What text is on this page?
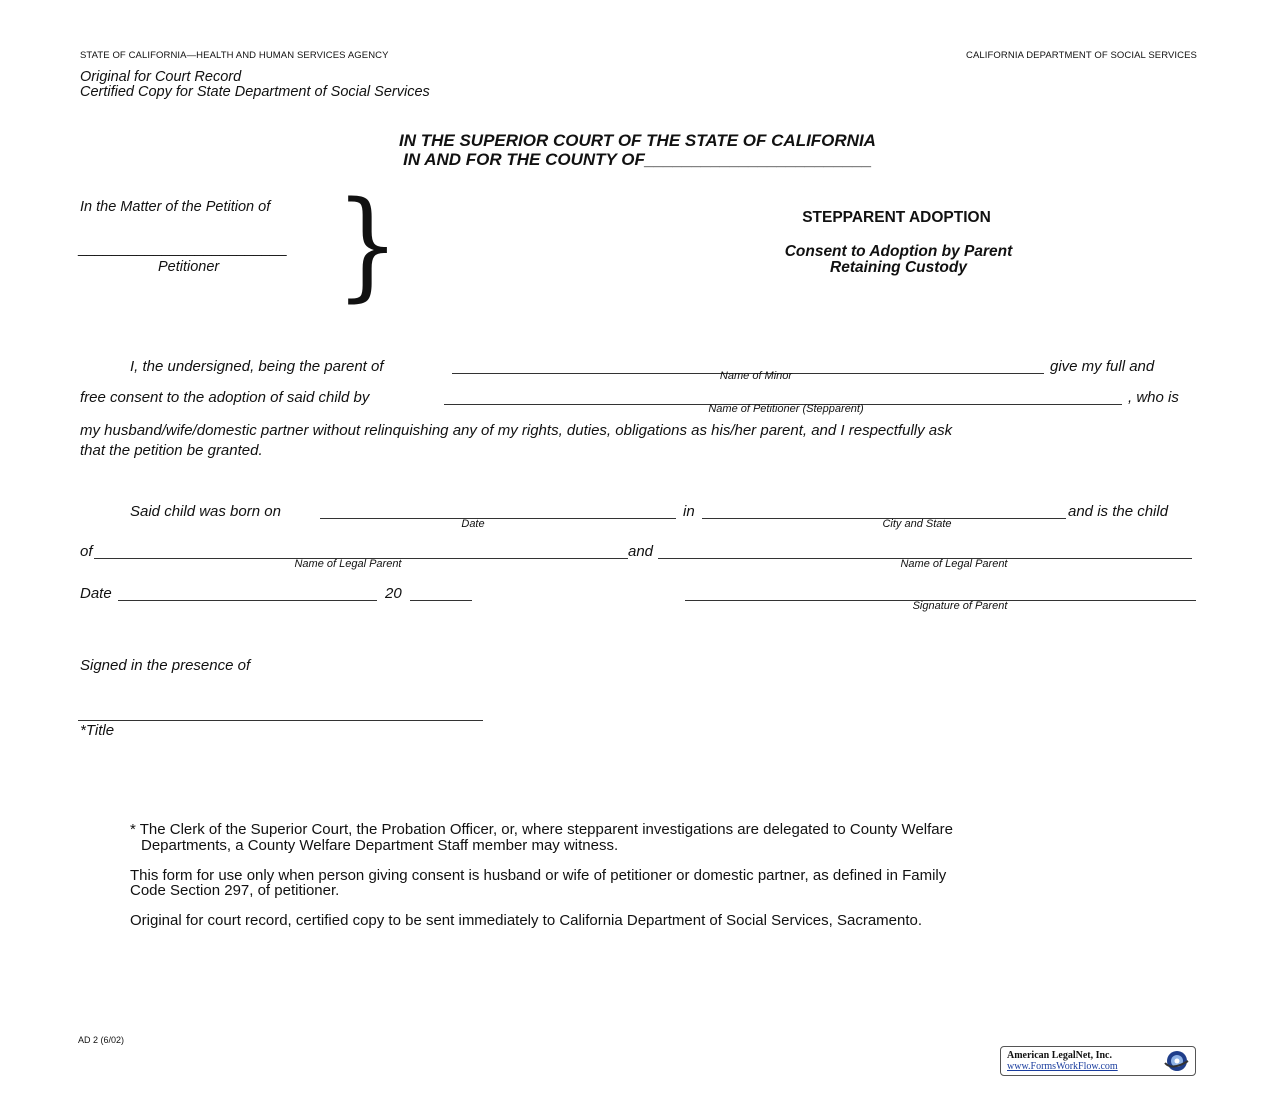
STATE OF CALIFORNIA—HEALTH AND HUMAN SERVICES AGENCY	CALIFORNIA DEPARTMENT OF SOCIAL SERVICES
Original for Court Record
Certified Copy for State Department of Social Services
IN THE SUPERIOR COURT OF THE STATE OF CALIFORNIA
IN AND FOR THE COUNTY OF________________________
In the Matter of the Petition of
_________________________
Petitioner }	STEPPARENT ADOPTION
Consent to Adoption by Parent
Retaining Custody
I, the undersigned, being the parent of	give my full and
Name of Minor
free consent to the adoption of said child by	, who is
Name of Petitioner (Stepparent)
my husband/wife/domestic partner without relinquishing any of my rights, duties, obligations as his/her parent, and I respectfully ask
that the petition be granted.
Said child was born on	in	and is the child
Date	City and State
of	and
Name of Legal Parent	Name of Legal Parent
Date	20
Signature of Parent
Signed in the presence of
*Title
* The Clerk of the Superior Court, the Probation Officer, or, where stepparent investigations are delegated to County Welfare
Departments, a County Welfare Department Staff member may witness.
This form for use only when person giving consent is husband or wife of petitioner or domestic partner, as defined in Family
Code Section 297, of petitioner.
Original for court record, certified copy to be sent immediately to California Department of Social Services, Sacramento.
AD 2 (6/02)
American LegalNet, Inc.
www.FormsWorkFlow.com
